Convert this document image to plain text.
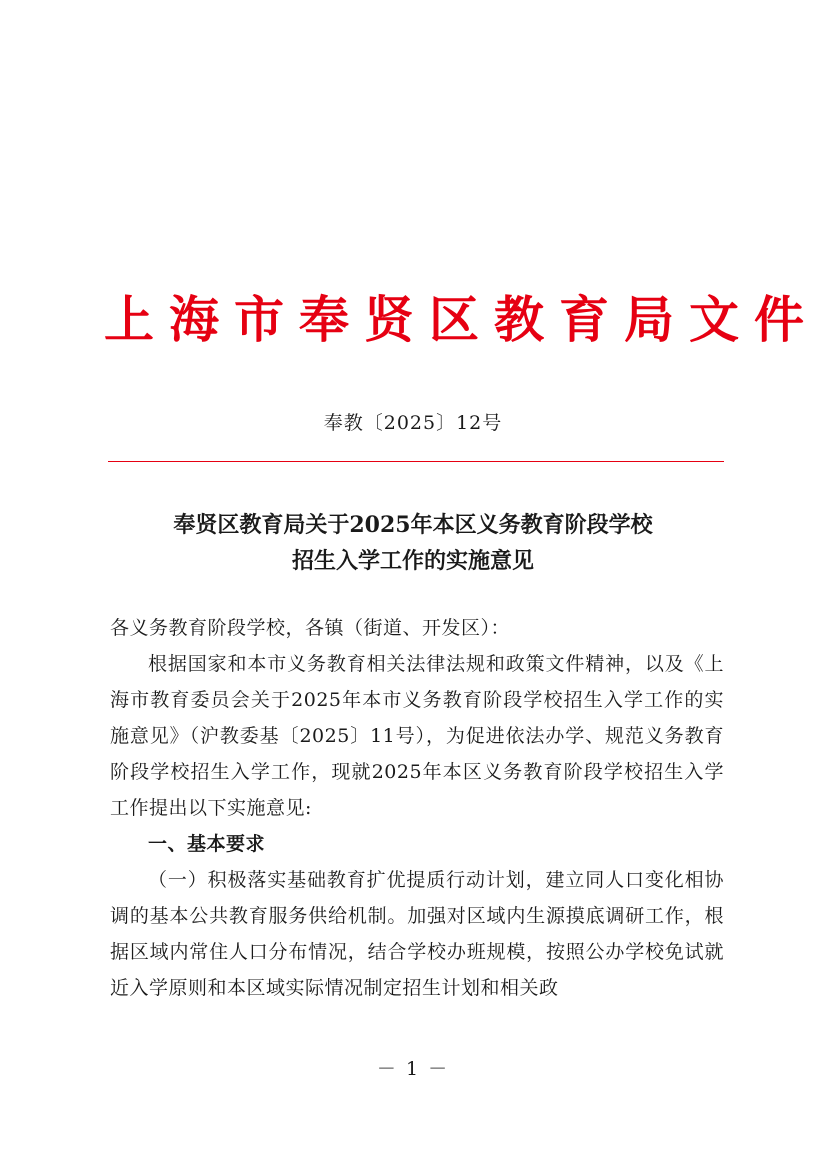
上海市奉贤区教育局文件
奉教〔2025〕12号
奉贤区教育局关于2025年本区义务教育阶段学校
招生入学工作的实施意见

各义务教育阶段学校，各镇（街道、开发区）：

根据国家和本市义务教育相关法律法规和政策文件精神，以及《上海市教育委员会关于2025年本市义务教育阶段学校招生入学工作的实施意见》（沪教委基〔2025〕11号），为促进依法办学、规范义务教育阶段学校招生入学工作，现就2025年本区义务教育阶段学校招生入学工作提出以下实施意见:

一、基本要求

（一）积极落实基础教育扩优提质行动计划，建立同人口变化相协调的基本公共教育服务供给机制。加强对区域内生源摸底调研工作，根据区域内常住人口分布情况，结合学校办班规模，按照公办学校免试就近入学原则和本区域实际情况制定招生计划和相关政

－ 1 －
